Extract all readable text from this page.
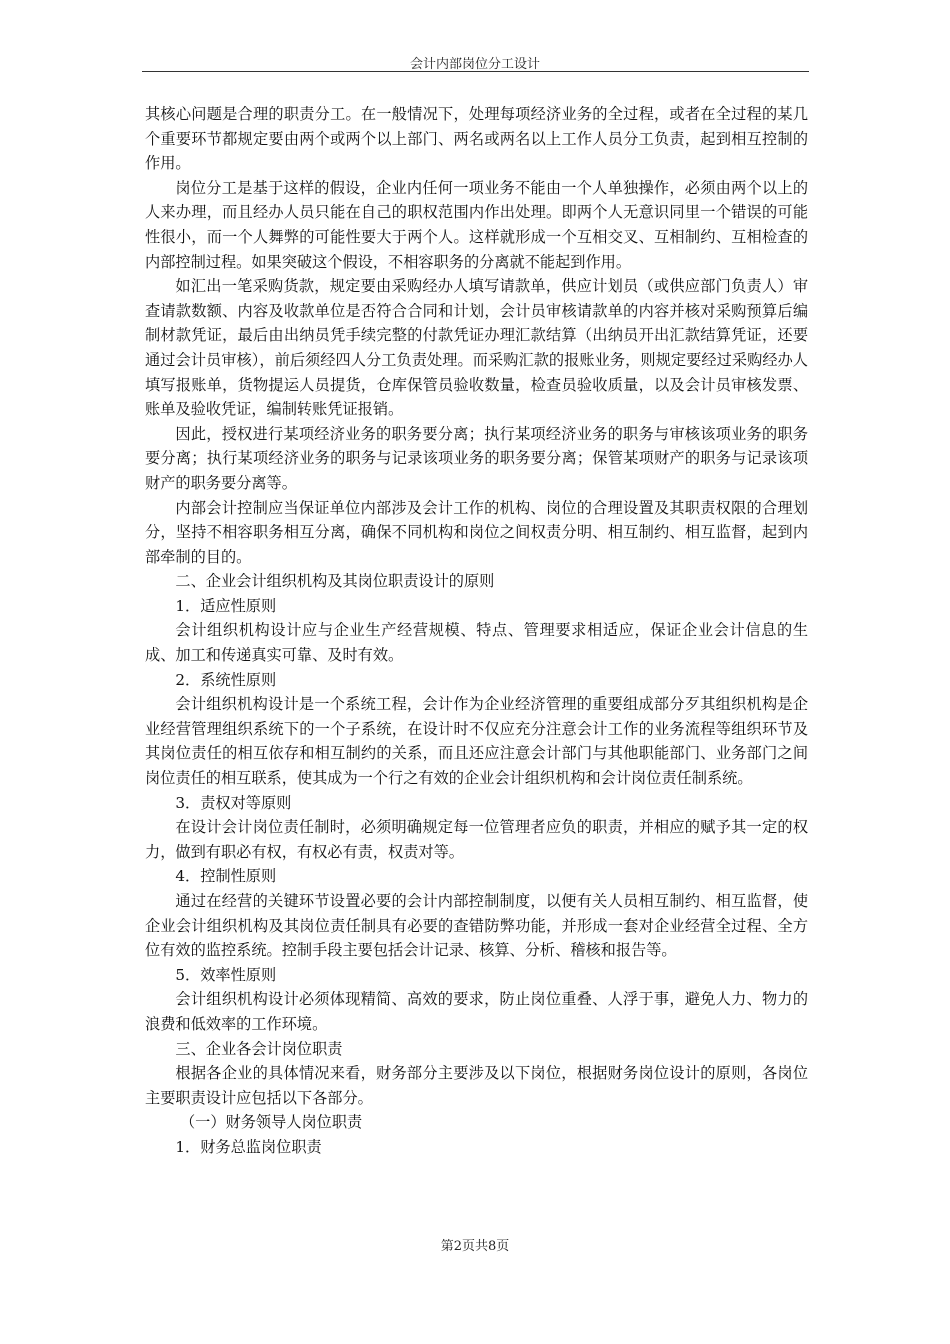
会计内部岗位分工设计

其核心问题是合理的职责分工。在一般情况下，处理每项经济业务的全过程，或者在全过程的某几个重要环节都规定要由两个或两个以上部门、两名或两名以上工作人员分工负责，起到相互控制的作用。

岗位分工是基于这样的假设，企业内任何一项业务不能由一个人单独操作，必须由两个以上的人来办理，而且经办人员只能在自己的职权范围内作出处理。即两个人无意识同里一个错误的可能性很小，而一个人舞弊的可能性要大于两个人。这样就形成一个互相交叉、互相制约、互相检查的内部控制过程。如果突破这个假设，不相容职务的分离就不能起到作用。

如汇出一笔采购货款，规定要由采购经办人填写请款单，供应计划员（或供应部门负责人）审查请款数额、内容及收款单位是否符合合同和计划，会计员审核请款单的内容并核对采购预算后编制材款凭证，最后由出纳员凭手续完整的付款凭证办理汇款结算（出纳员开出汇款结算凭证，还要通过会计员审核），前后须经四人分工负责处理。而采购汇款的报账业务，则规定要经过采购经办人填写报账单，货物提运人员提货，仓库保管员验收数量，检查员验收质量，以及会计员审核发票、账单及验收凭证，编制转账凭证报销。

因此，授权进行某项经济业务的职务要分离；执行某项经济业务的职务与审核该项业务的职务要分离；执行某项经济业务的职务与记录该项业务的职务要分离；保管某项财产的职务与记录该项财产的职务要分离等。

内部会计控制应当保证单位内部涉及会计工作的机构、岗位的合理设置及其职责权限的合理划分，坚持不相容职务相互分离，确保不同机构和岗位之间权责分明、相互制约、相互监督，起到内部牵制的目的。

二、企业会计组织机构及其岗位职责设计的原则

1．适应性原则

会计组织机构设计应与企业生产经营规模、特点、管理要求相适应，保证企业会计信息的生成、加工和传递真实可靠、及时有效。

2．系统性原则

会计组织机构设计是一个系统工程，会计作为企业经济管理的重要组成部分歹其组织机构是企业经营管理组织系统下的一个子系统，在设计时不仅应充分注意会计工作的业务流程等组织环节及其岗位责任的相互依存和相互制约的关系，而且还应注意会计部门与其他职能部门、业务部门之间岗位责任的相互联系，使其成为一个行之有效的企业会计组织机构和会计岗位责任制系统。

3．责权对等原则

在设计会计岗位责任制时，必须明确规定每一位管理者应负的职责，并相应的赋予其一定的权力，做到有职必有权，有权必有责，权责对等。

4．控制性原则

通过在经营的关键环节设置必要的会计内部控制制度，以便有关人员相互制约、相互监督，使企业会计组织机构及其岗位责任制具有必要的查错防弊功能，并形成一套对企业经营全过程、全方位有效的监控系统。控制手段主要包括会计记录、核算、分析、稽核和报告等。

5．效率性原则

会计组织机构设计必须体现精简、高效的要求，防止岗位重叠、人浮于事，避免人力、物力的浪费和低效率的工作环境。

三、企业各会计岗位职责

根据各企业的具体情况来看，财务部分主要涉及以下岗位，根据财务岗位设计的原则，各岗位主要职责设计应包括以下各部分。

（一）财务领导人岗位职责

1．财务总监岗位职责

第2页共8页
